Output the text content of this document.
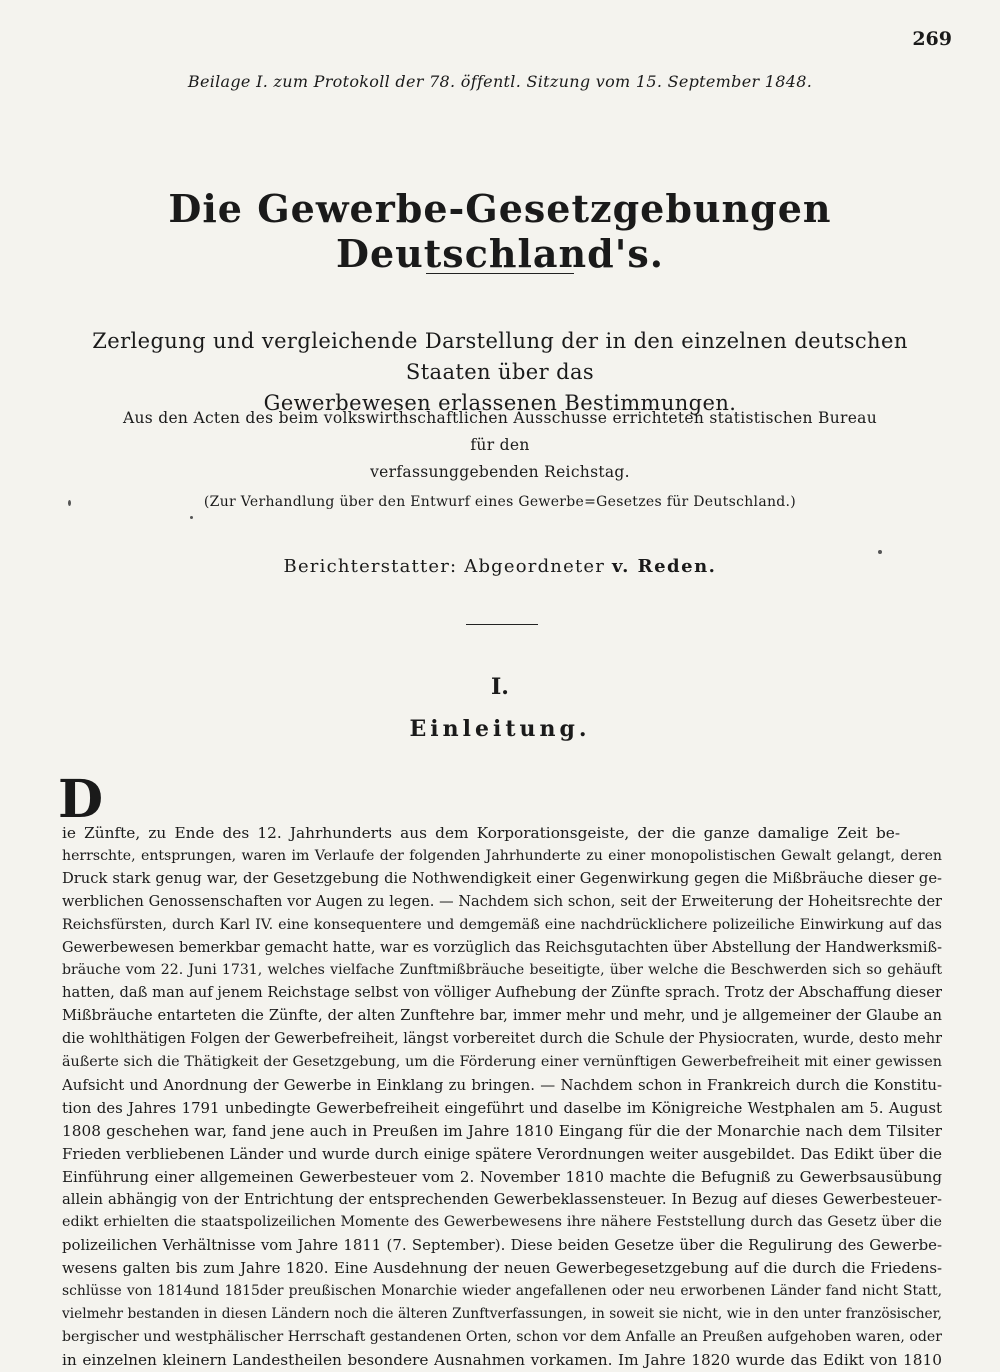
269
Beilage I. zum Protokoll der 78. öffentl. Sitzung vom 15. September 1848.
Die Gewerbe-Gesetzgebungen Deutschland's.
Zerlegung und vergleichende Darstellung der in den einzelnen deutschen Staaten über das
Gewerbewesen erlassenen Bestimmungen.
Aus den Acten des beim volkswirthschaftlichen Ausschusse errichteten statistischen Bureau für den
verfassunggebenden Reichstag.
(Zur Verhandlung über den Entwurf eines Gewerbe=Gesetzes für Deutschland.)
Berichterstatter: Abgeordneter v. Reden.
I.
Einleitung.
D
ie Zünfte, zu Ende des 12. Jahrhunderts aus dem Korporationsgeiste, der die ganze damalige Zeit be-
herrschte, entsprungen, waren im Verlaufe der folgenden Jahrhunderte zu einer monopolistischen Gewalt gelangt, deren
Druck stark genug war, der Gesetzgebung die Nothwendigkeit einer Gegenwirkung gegen die Mißbräuche dieser ge-
werblichen Genossenschaften vor Augen zu legen. — Nachdem sich schon, seit der Erweiterung der Hoheitsrechte der
Reichsfürsten, durch Karl IV. eine konsequentere und demgemäß eine nachdrücklichere polizeiliche Einwirkung auf das
Gewerbewesen bemerkbar gemacht hatte, war es vorzüglich das Reichsgutachten über Abstellung der Handwerksmiß-
bräuche vom 22. Juni 1731, welches vielfache Zunftmißbräuche beseitigte, über welche die Beschwerden sich so gehäuft
hatten, daß man auf jenem Reichstage selbst von völliger Aufhebung der Zünfte sprach. Trotz der Abschaffung dieser
Mißbräuche entarteten die Zünfte, der alten Zunftehre bar, immer mehr und mehr, und je allgemeiner der Glaube an
die wohlthätigen Folgen der Gewerbefreiheit, längst vorbereitet durch die Schule der Physiocraten, wurde, desto mehr
äußerte sich die Thätigkeit der Gesetzgebung, um die Förderung einer vernünftigen Gewerbefreiheit mit einer gewissen
Aufsicht und Anordnung der Gewerbe in Einklang zu bringen. — Nachdem schon in Frankreich durch die Konstitu-
tion des Jahres 1791 unbedingte Gewerbefreiheit eingeführt und daselbe im Königreiche Westphalen am 5. August
1808 geschehen war, fand jene auch in Preußen im Jahre 1810 Eingang für die der Monarchie nach dem Tilsiter
Frieden verbliebenen Länder und wurde durch einige spätere Verordnungen weiter ausgebildet. Das Edikt über die
Einführung einer allgemeinen Gewerbesteuer vom 2. November 1810 machte die Befugniß zu Gewerbsausübung
allein abhängig von der Entrichtung der entsprechenden Gewerbeklassensteuer. In Bezug auf dieses Gewerbesteuer-
edikt erhielten die staatspolizeilichen Momente des Gewerbewesens ihre nähere Feststellung durch das Gesetz über die
polizeilichen Verhältnisse vom Jahre 1811 (7. September). Diese beiden Gesetze über die Regulirung des Gewerbe-
wesens galten bis zum Jahre 1820. Eine Ausdehnung der neuen Gewerbegesetzgebung auf die durch die Friedens-
schlüsse von 1814und 1815der preußischen Monarchie wieder angefallenen oder neu erworbenen Länder fand nicht Statt,
vielmehr bestanden in diesen Ländern noch die älteren Zunftverfassungen, in soweit sie nicht, wie in den unter französischer,
bergischer und westphälischer Herrschaft gestandenen Orten, schon vor dem Anfalle an Preußen aufgehoben waren, oder
in einzelnen kleinern Landestheilen besondere Ausnahmen vorkamen. Im Jahre 1820 wurde das Edikt von 1810
